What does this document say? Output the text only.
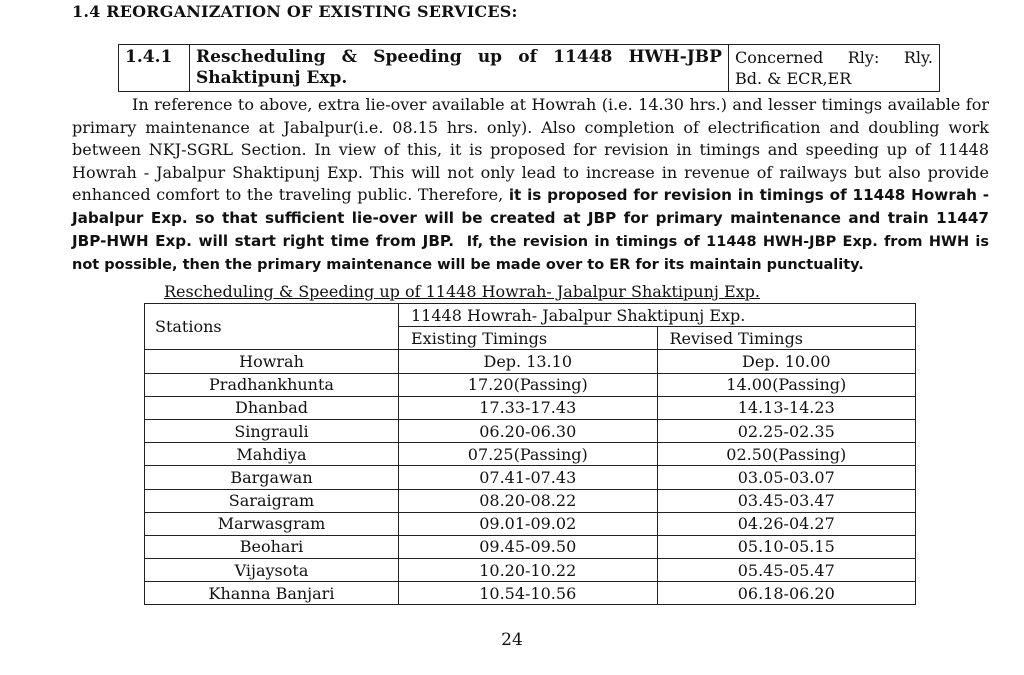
1.4 REORGANIZATION OF EXISTING SERVICES:
1.4.1	Rescheduling & Speeding up of 11448 HWH-JBP
Shaktipunj Exp.

Concerned Rly: Rly.
Bd. & ECR,ER
In reference to above, extra lie-over available at Howrah (i.e. 14.30 hrs.) and lesser timings available for
primary maintenance at Jabalpur(i.e. 08.15 hrs. only). Also completion of electrification and doubling work
between NKJ-SGRL Section. In view of this, it is proposed for revision in timings and speeding up of 11448
Howrah - Jabalpur Shaktipunj Exp. This will not only lead to increase in revenue of railways but also provide
enhanced comfort to the traveling public. Therefore, it is proposed for revision in timings of 11448 Howrah -
Jabalpur Exp. so that sufficient lie-over will be created at JBP for primary maintenance and train 11447
JBP-HWH Exp. will start right time from JBP. If, the revision in timings of 11448 HWH-JBP Exp. from HWH is
not possible, then the primary maintenance will be made over to ER for its maintain punctuality.
Rescheduling & Speeding up of 11448 Howrah- Jabalpur Shaktipunj Exp.
Stations	11448 Howrah- Jabalpur Shaktipunj Exp.	
	Existing Timings	Revised Timings
Howrah	Dep. 13.10	Dep. 10.00
Pradhankhunta	17.20(Passing)	14.00(Passing)
Dhanbad	17.33-17.43	14.13-14.23
Singrauli	06.20-06.30	02.25-02.35
Mahdiya	07.25(Passing)	02.50(Passing)
Bargawan	07.41-07.43	03.05-03.07
Saraigram	08.20-08.22	03.45-03.47
Marwasgram	09.01-09.02	04.26-04.27
Beohari	09.45-09.50	05.10-05.15
Vijaysota	10.20-10.22	05.45-05.47
Khanna Banjari	10.54-10.56	06.18-06.20
24
